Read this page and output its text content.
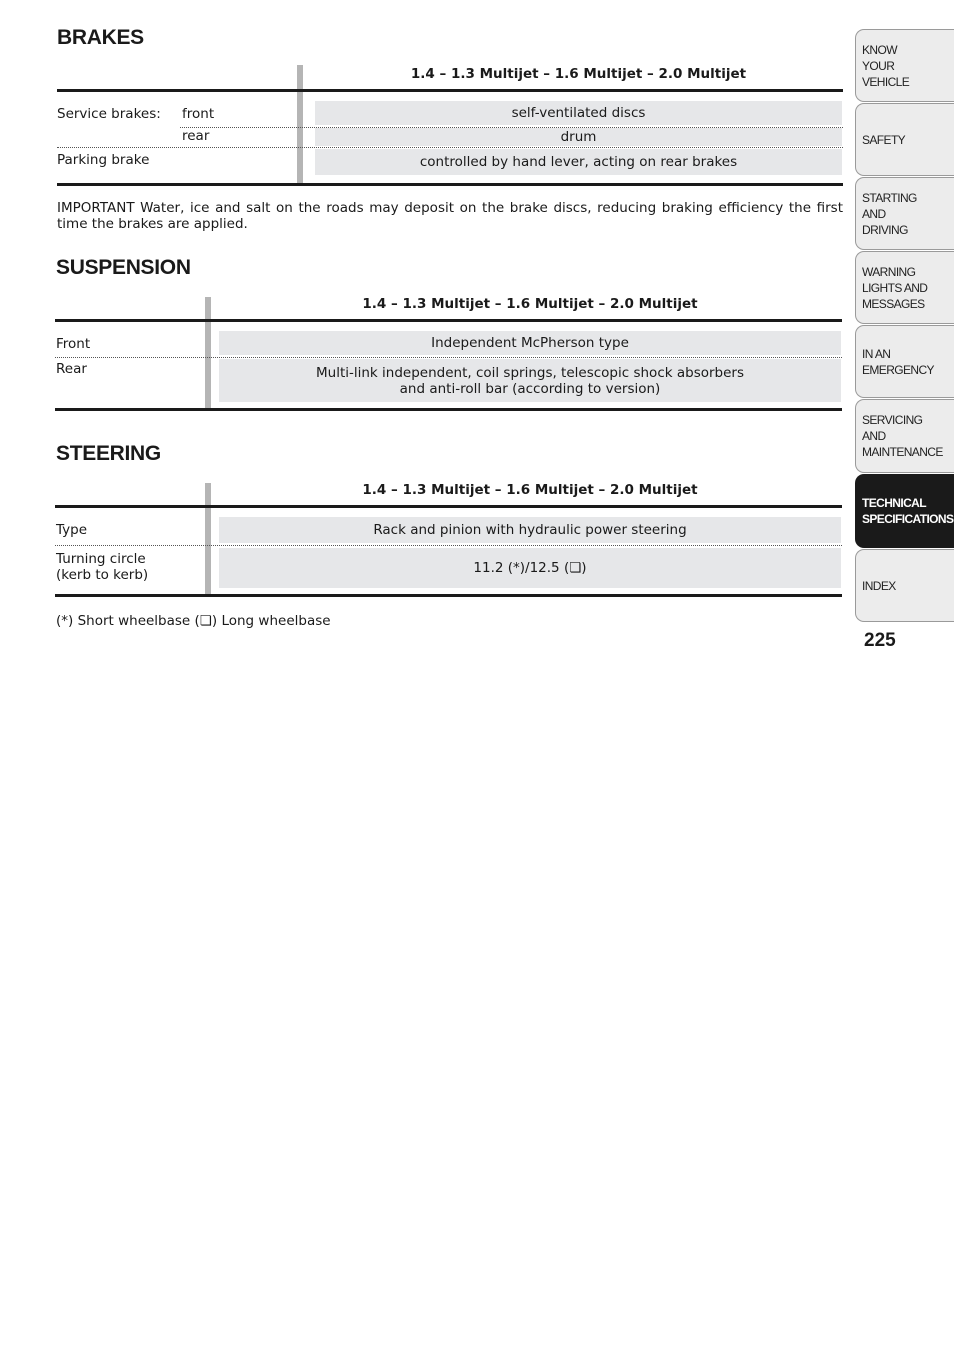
BRAKES
1.4 – 1.3 Multijet – 1.6 Multijet – 2.0 Multijet
Service brakes: front	self-ventilated discs
rear	drum
Parking brake	controlled by hand lever, acting on rear brakes

IMPORTANT Water, ice and salt on the roads may deposit on the brake discs, reducing braking efficiency the first time the brakes are applied.

SUSPENSION
1.4 – 1.3 Multijet – 1.6 Multijet – 2.0 Multijet
Front	Independent McPherson type
Rear	Multi-link independent, coil springs, telescopic shock absorbers
and anti-roll bar (according to version)
STEERING
1.4 – 1.3 Multijet – 1.6 Multijet – 2.0 Multijet
Type	Rack and pinion with hydraulic power steering
Turning circle
(kerb to kerb)	11.2 (*)/12.5 (❏)

(*) Short wheelbase (❏) Long wheelbase

KNOW
YOUR
VEHICLE
SAFETY
STARTING
AND
DRIVING
WARNING
LIGHTS AND
MESSAGES
IN AN
EMERGENCY
SERVICING
AND
MAINTENANCE
TECHNICAL
SPECIFICATIONS
INDEX
225
